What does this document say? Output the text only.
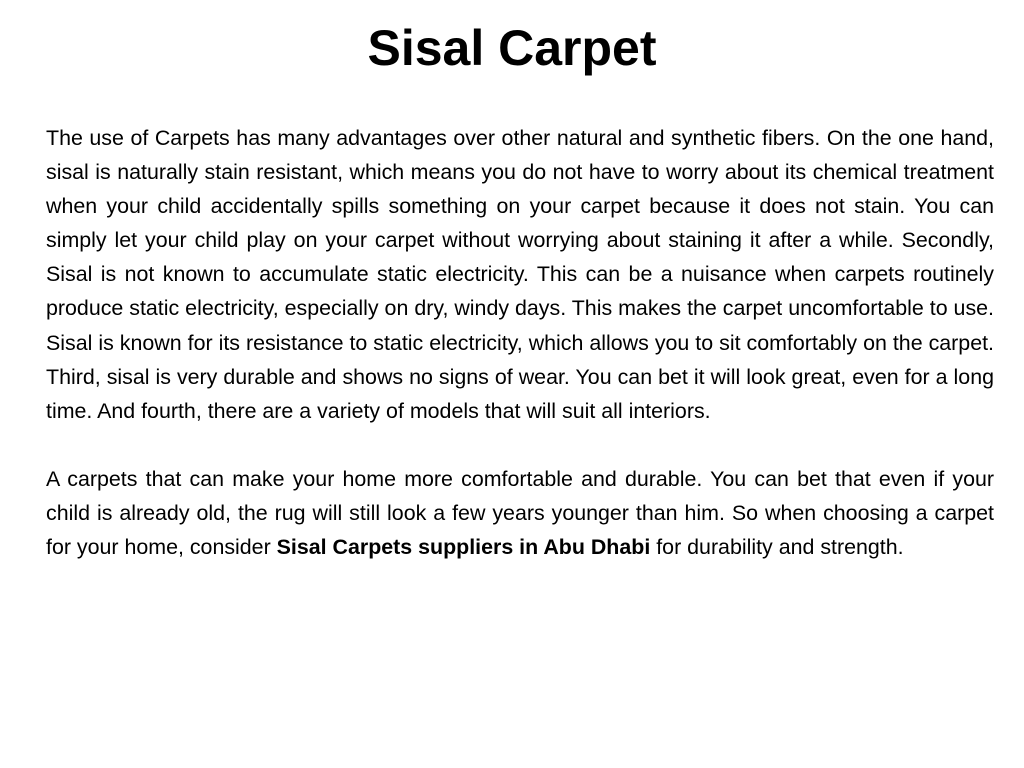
Sisal Carpet

The use of Carpets has many advantages over other natural and synthetic fibers. On the one hand, sisal is naturally stain resistant, which means you do not have to worry about its chemical treatment when your child accidentally spills something on your carpet because it does not stain. You can simply let your child play on your carpet without worrying about staining it after a while. Secondly, Sisal is not known to accumulate static electricity. This can be a nuisance when carpets routinely produce static electricity, especially on dry, windy days. This makes the carpet uncomfortable to use. Sisal is known for its resistance to static electricity, which allows you to sit comfortably on the carpet. Third, sisal is very durable and shows no signs of wear. You can bet it will look great, even for a long time. And fourth, there are a variety of models that will suit all interiors.

A carpets that can make your home more comfortable and durable. You can bet that even if your child is already old, the rug will still look a few years younger than him. So when choosing a carpet for your home, consider Sisal Carpets suppliers in Abu Dhabi for durability and strength.
